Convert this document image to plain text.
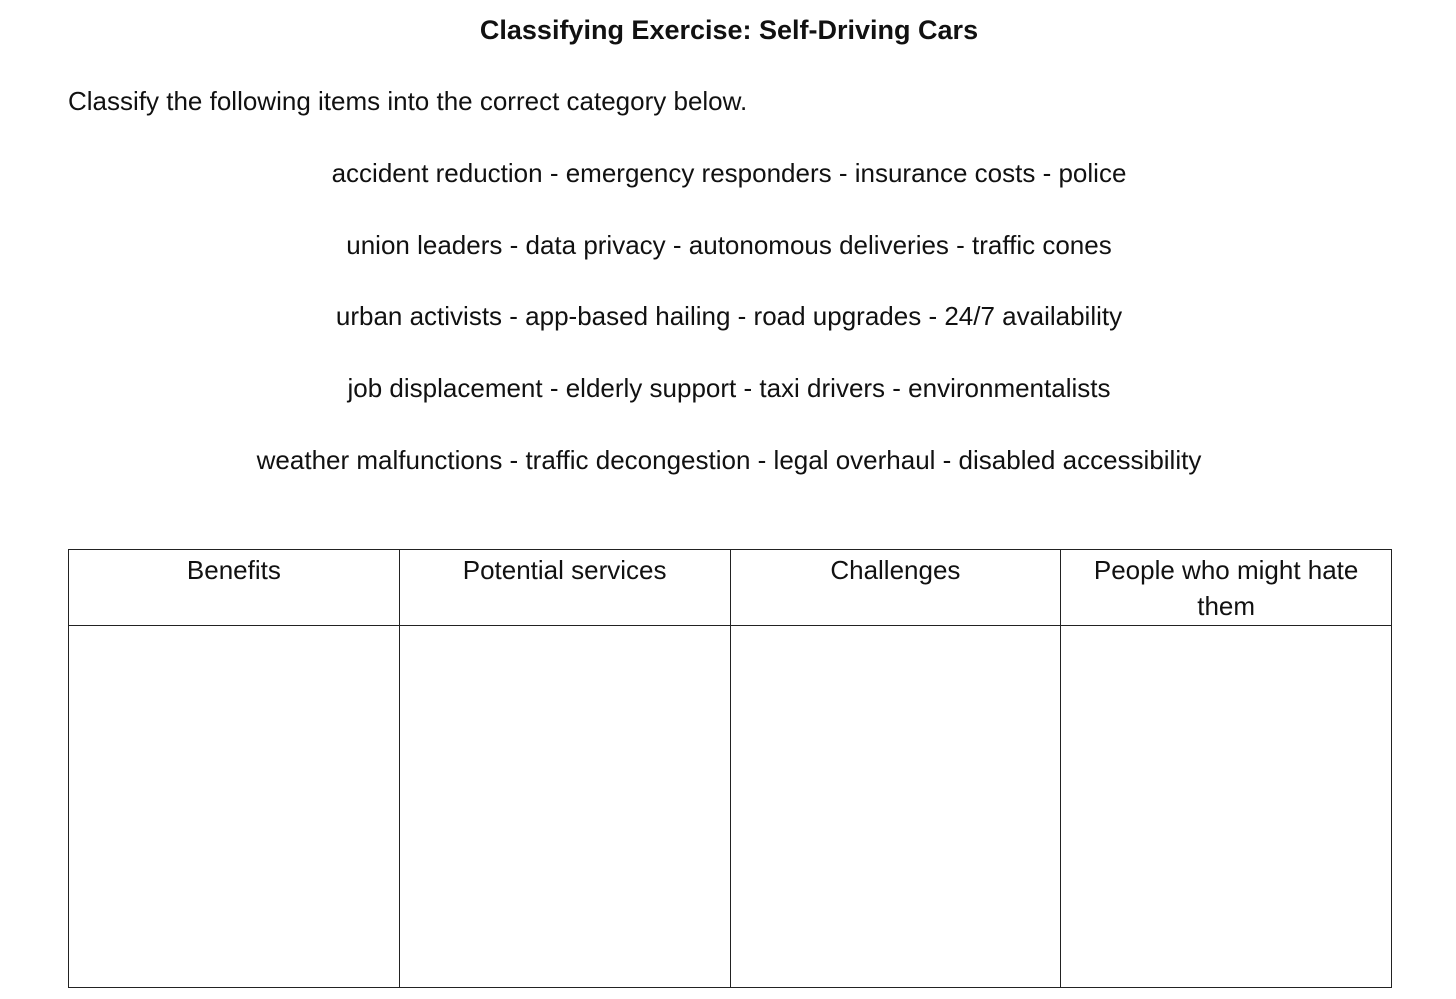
Classifying Exercise: Self-Driving Cars
Classify the following items into the correct category below.
accident reduction - emergency responders - insurance costs - police
union leaders - data privacy - autonomous deliveries - traffic cones
urban activists - app-based hailing - road upgrades - 24/7 availability
job displacement - elderly support - taxi drivers - environmentalists
weather malfunctions - traffic decongestion - legal overhaul - disabled accessibility
Benefits	Potential services	Challenges	People who might hate them
